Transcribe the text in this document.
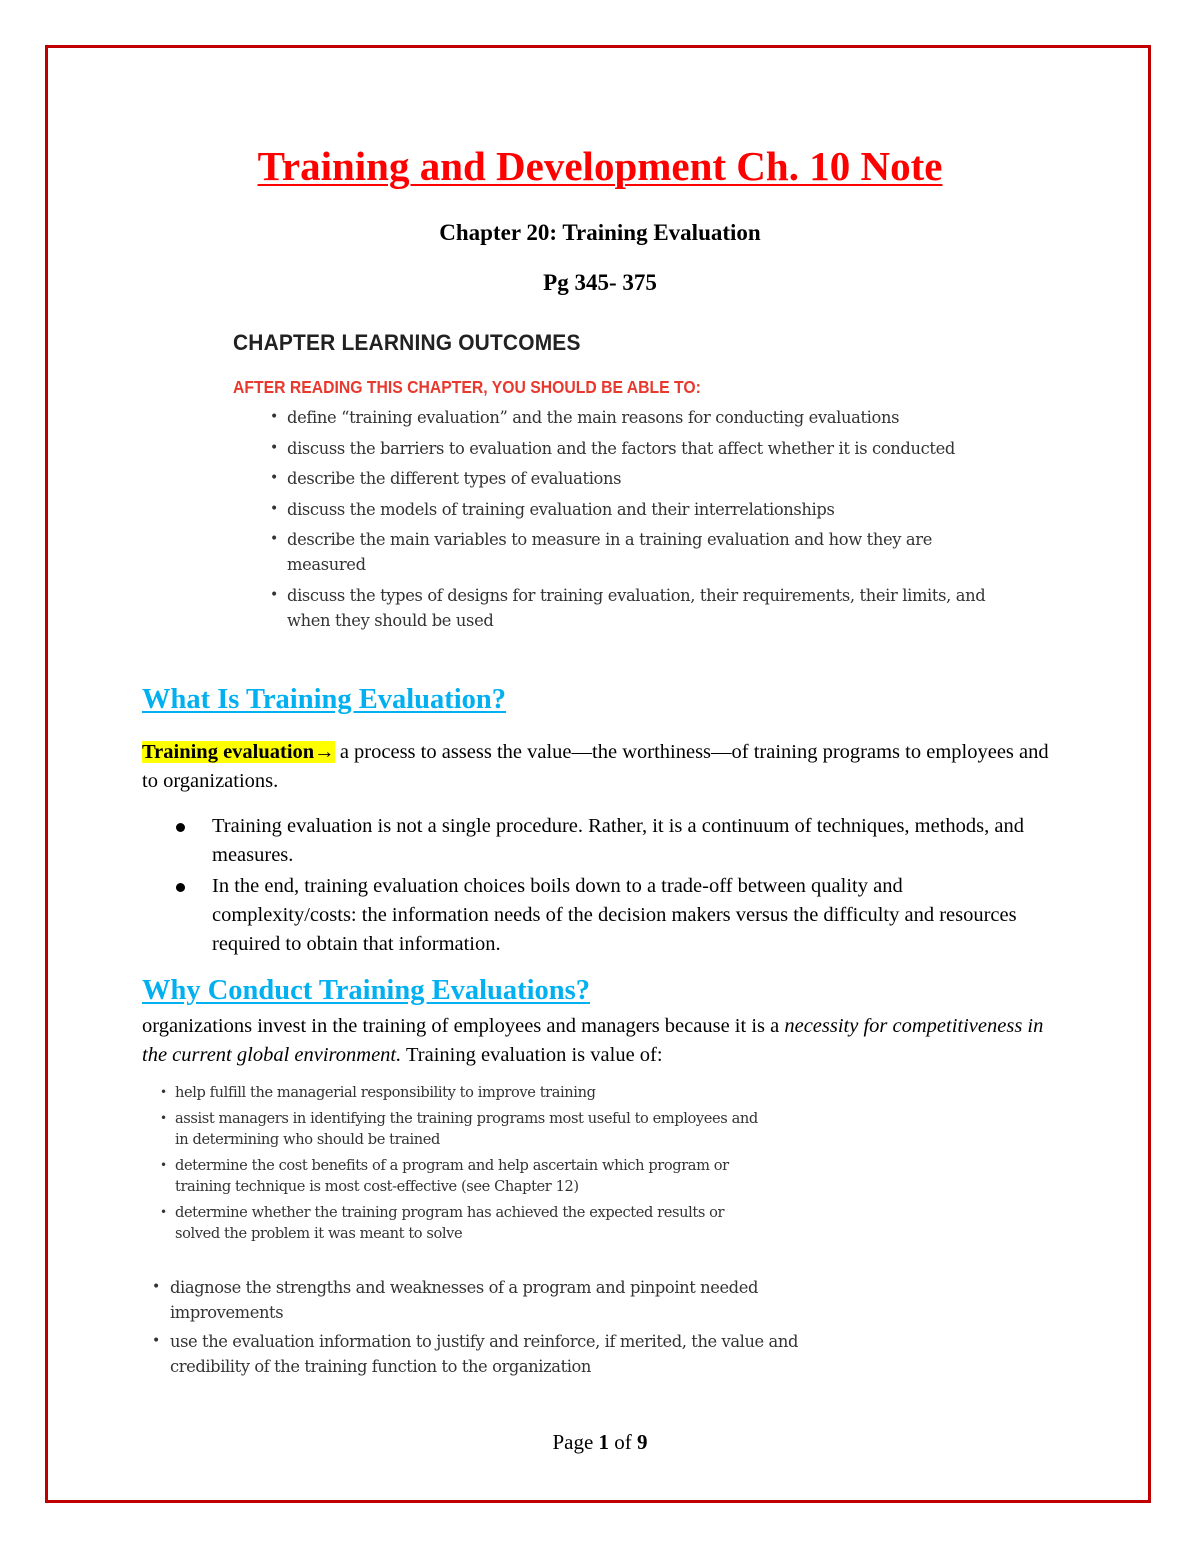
Training and Development Ch. 10 Note

Chapter 20: Training Evaluation

Pg 345- 375

CHAPTER LEARNING OUTCOMES

AFTER READING THIS CHAPTER, YOU SHOULD BE ABLE TO:

• define “training evaluation” and the main reasons for conducting evaluations
• discuss the barriers to evaluation and the factors that affect whether it is conducted
• describe the different types of evaluations
• discuss the models of training evaluation and their interrelationships
• describe the main variables to measure in a training evaluation and how they are measured
• discuss the types of designs for training evaluation, their requirements, their limits, and when they should be used
What Is Training Evaluation?

Training evaluation→ a process to assess the value—the worthiness—of training programs to employees and to organizations.

Training evaluation is not a single procedure. Rather, it is a continuum of techniques, methods, and measures.
In the end, training evaluation choices boils down to a trade-off between quality and complexity/costs: the information needs of the decision makers versus the difficulty and resources required to obtain that information.
Why Conduct Training Evaluations?

organizations invest in the training of employees and managers because it is a necessity for competitiveness in the current global environment. Training evaluation is value of:

• help fulfill the managerial responsibility to improve training
• assist managers in identifying the training programs most useful to employees and in determining who should be trained
• determine the cost benefits of a program and help ascertain which program or training technique is most cost-effective (see Chapter 12)
• determine whether the training program has achieved the expected results or solved the problem it was meant to solve
• diagnose the strengths and weaknesses of a program and pinpoint needed improvements
• use the evaluation information to justify and reinforce, if merited, the value and credibility of the training function to the organization

Page 1 of 9
